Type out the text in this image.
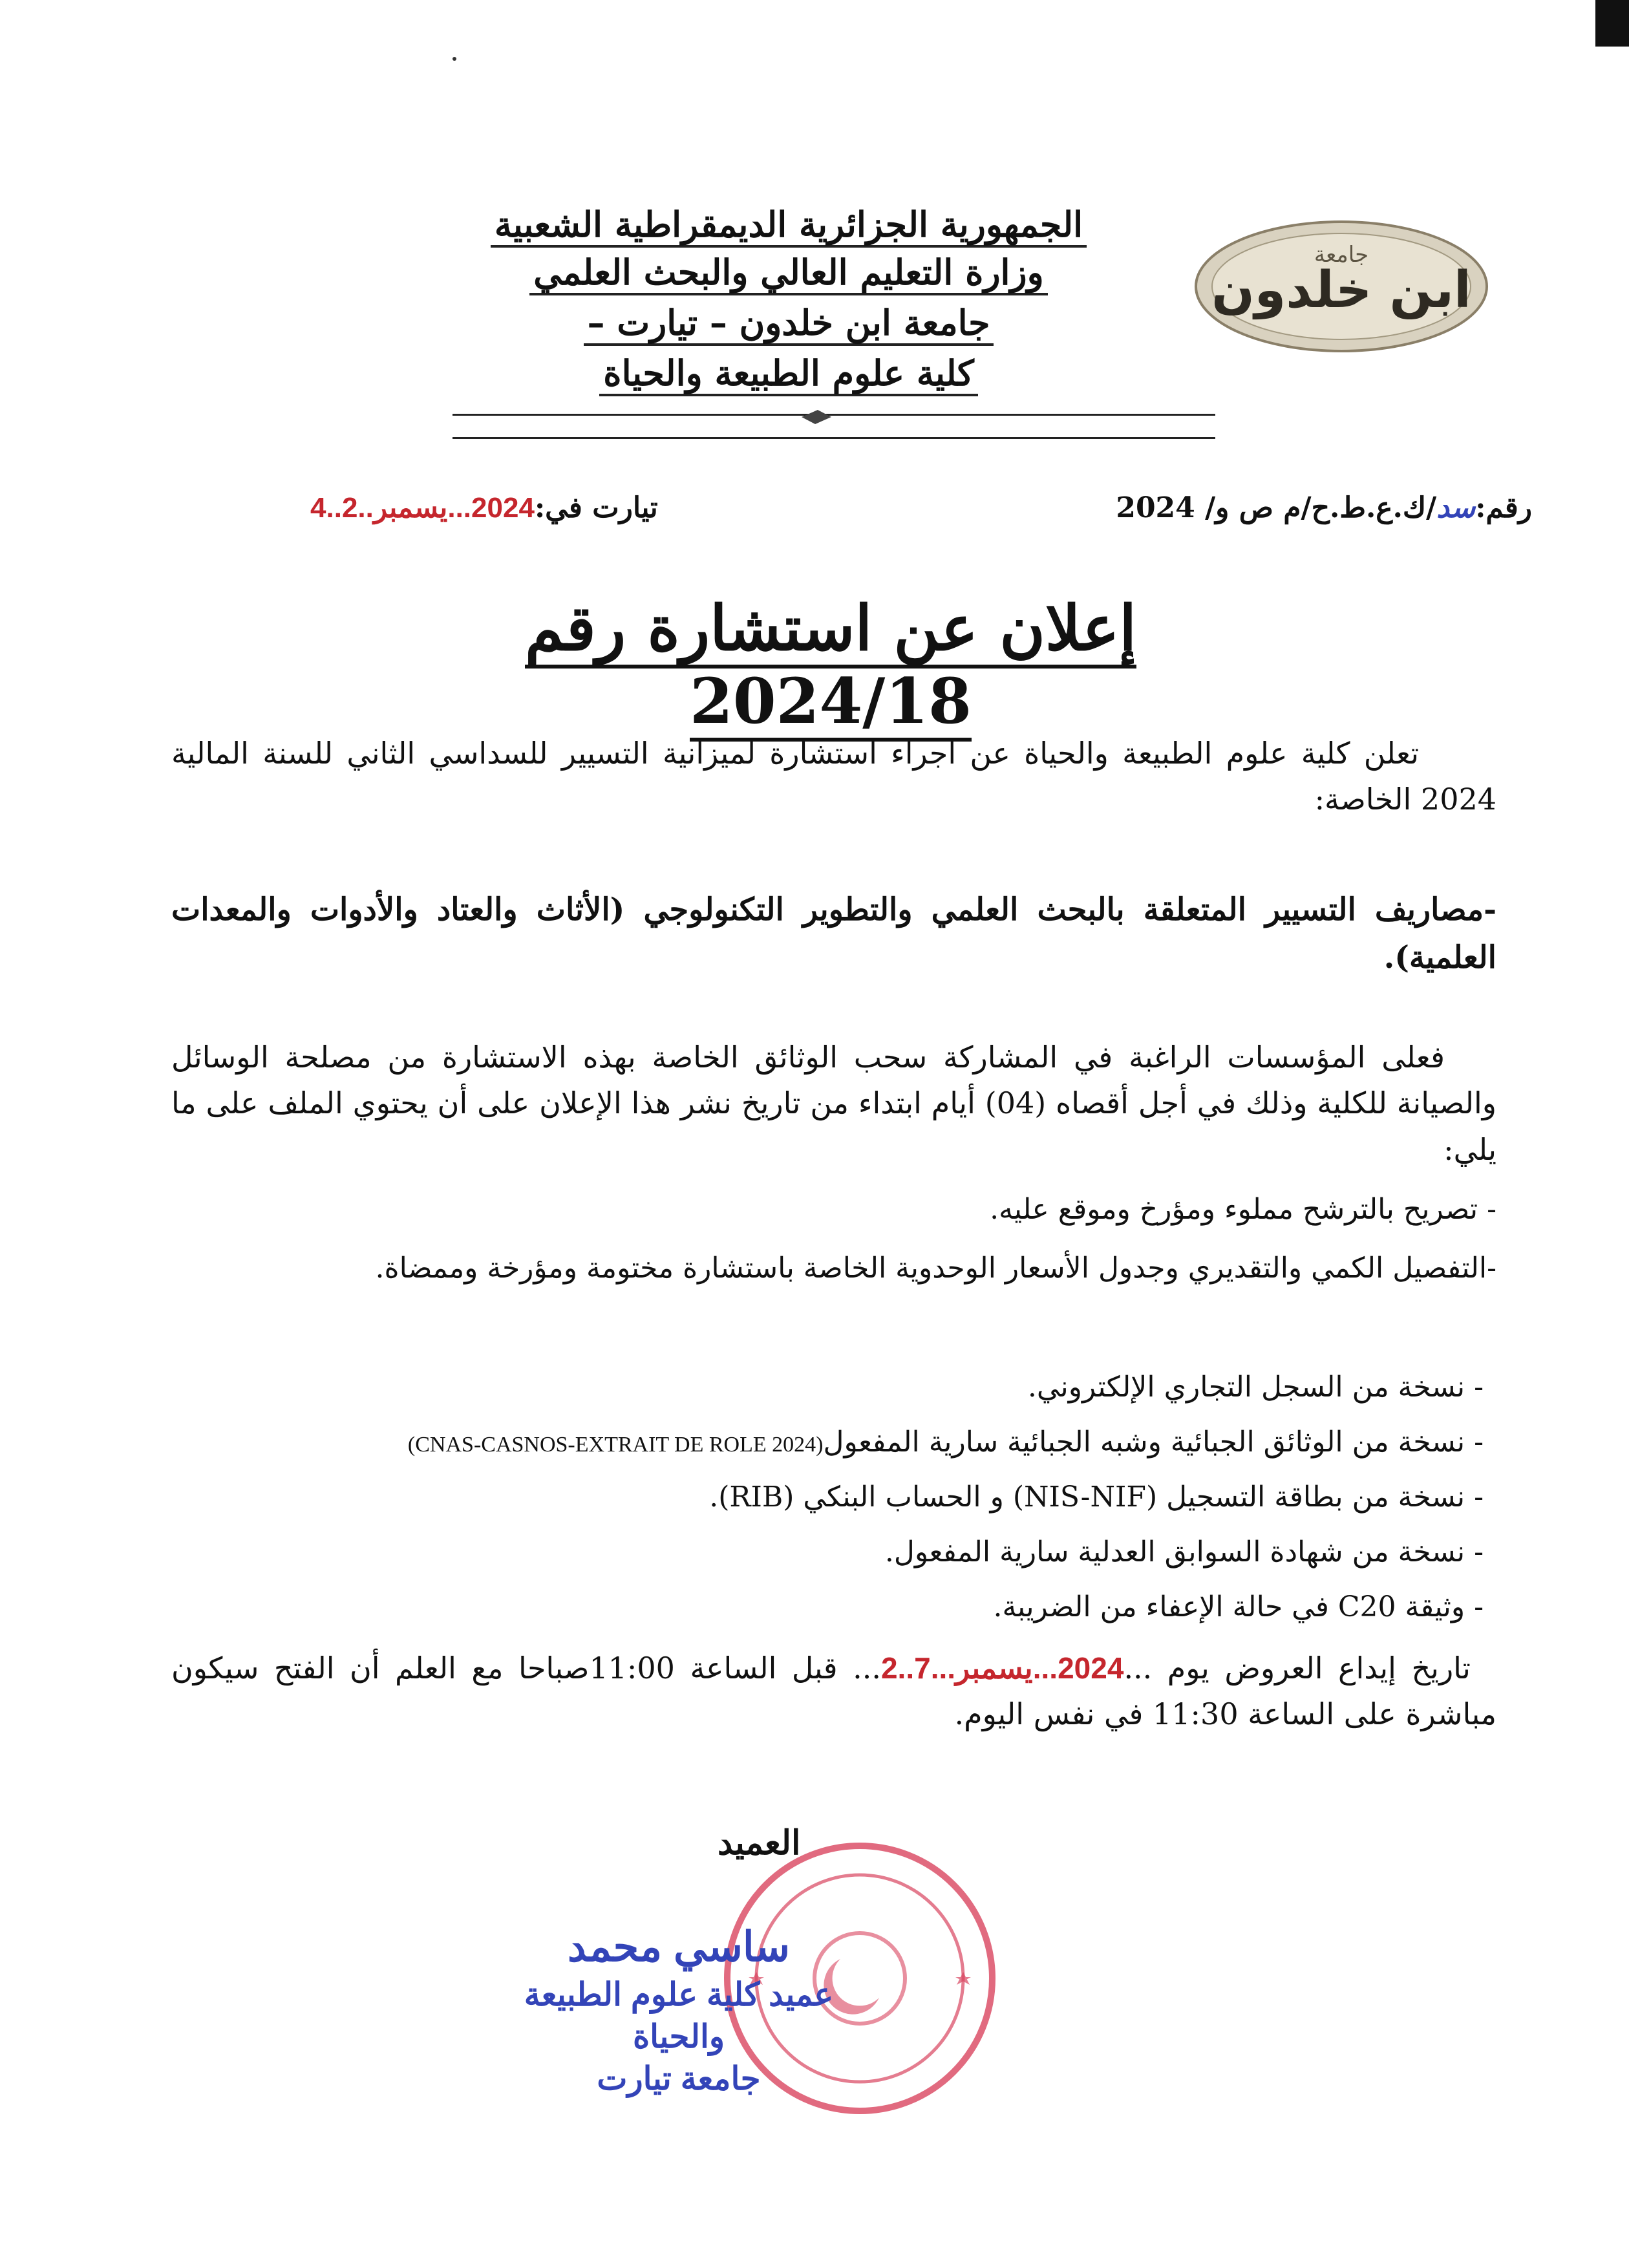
جامعة
ابن خلدون
الجمهورية الجزائرية الديمقراطية الشعبية
وزارة التعليم العالي والبحث العلمي
جامعة ابن خلدون – تيارت –
كلية علوم الطبيعة والحياة
رقم:ﺳﺪ/ك.ع.ط.ح/م ص و/ 2024
تيارت في:2024...يسمبر..2..4
إعلان عن استشارة رقم 2024/18
تعلن كلية علوم الطبيعة والحياة عن اجراء استشارة لميزانية التسيير للسداسي الثاني للسنة المالية 2024 الخاصة:
-مصاريف التسيير المتعلقة بالبحث العلمي والتطوير التكنولوجي (الأثاث والعتاد والأدوات والمعدات العلمية).
فعلى المؤسسات الراغبة في المشاركة سحب الوثائق الخاصة بهذه الاستشارة من مصلحة الوسائل والصيانة للكلية وذلك في أجل أقصاه (04) أيام ابتداء من تاريخ نشر هذا الإعلان على أن يحتوي الملف على ما يلي:
- تصريح بالترشح مملوء ومؤرخ وموقع عليه.
-التفصيل الكمي والتقديري وجدول الأسعار الوحدوية الخاصة باستشارة مختومة ومؤرخة وممضاة.
- نسخة من السجل التجاري الإلكتروني.
- نسخة من الوثائق الجبائية وشبه الجبائية سارية المفعول(CNAS-CASNOS-EXTRAIT DE ROLE 2024)
- نسخة من بطاقة التسجيل (NIS-NIF) و الحساب البنكي (RIB).
- نسخة من شهادة السوابق العدلية سارية المفعول.
- وثيقة C20 في حالة الإعفاء من الضريبة.
تاريخ إيداع العروض يوم ...2024...يسمبر...7..2... قبل الساعة 11:00صباحا مع العلم أن الفتح سيكون مباشرة على الساعة 11:30 في نفس اليوم.
العميد
ساسي محمد
عميد كلية علوم الطبيعة والحياة
جامعة تيارت
